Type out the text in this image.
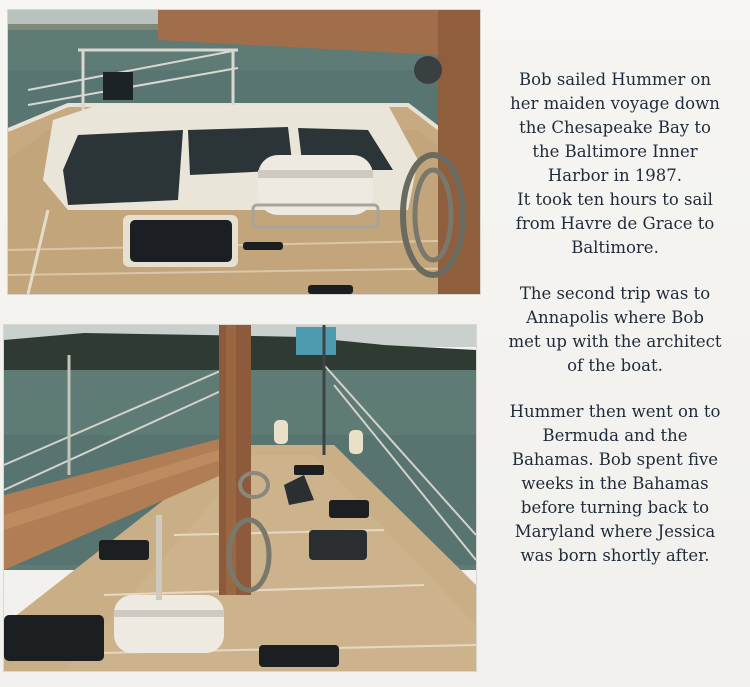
Bob sailed Hummer on
her maiden voyage down
the Chesapeake Bay to
the Baltimore Inner
Harbor in 1987.
It took ten hours to sail
from Havre de Grace to
Baltimore.

The second trip was to
Annapolis where Bob
met up with the architect
of the boat.

Hummer then went on to
Bermuda and the
Bahamas. Bob spent five
weeks in the Bahamas
before turning back to
Maryland where Jessica
was born shortly after.
